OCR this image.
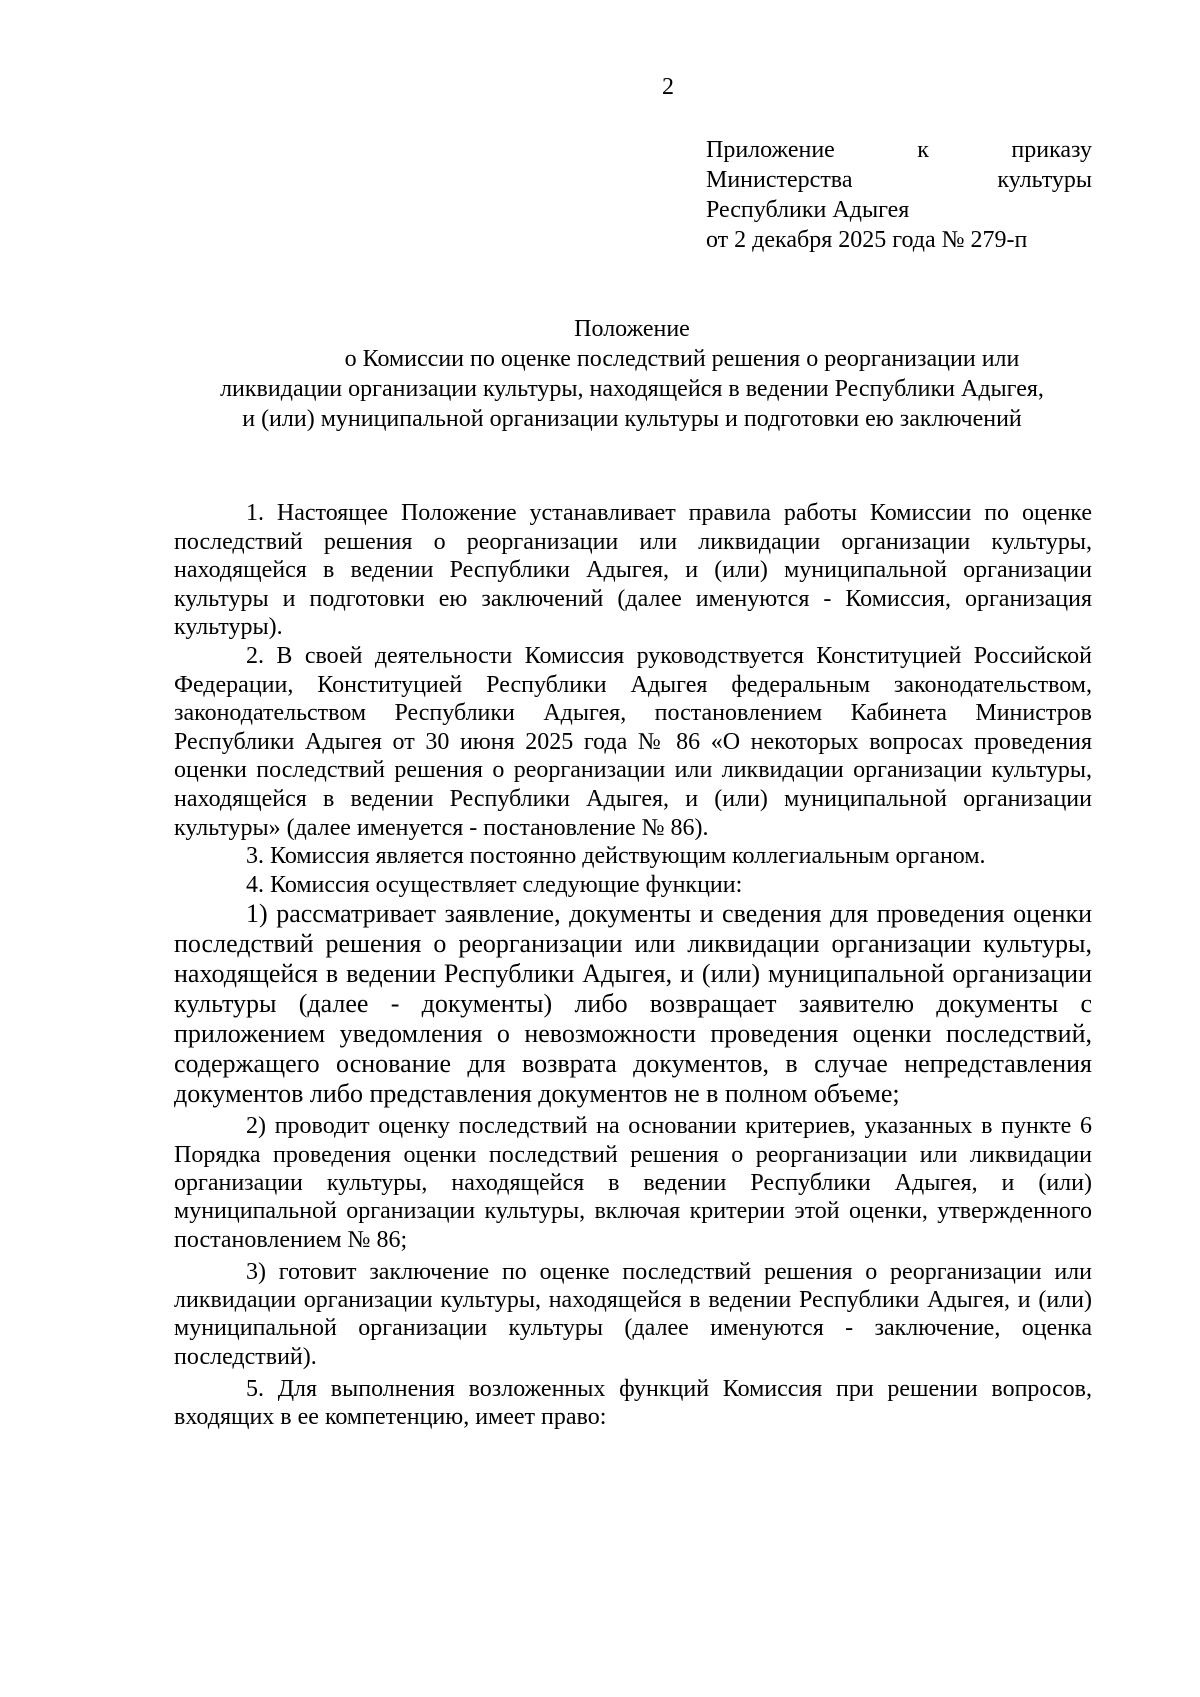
2
Приложение к приказу
Министерства культуры
Республики Адыгея
от 2 декабря 2025 года № 279-п
Положение
о Комиссии по оценке последствий решения о реорганизации или
ликвидации организации культуры, находящейся в ведении Республики Адыгея,
и (или) муниципальной организации культуры и подготовки ею заключений

1. Настоящее Положение устанавливает правила работы Комиссии по оценке последствий решения о реорганизации или ликвидации организации культуры, находящейся в ведении Республики Адыгея, и (или) муниципальной организации культуры и подготовки ею заключений (далее именуются - Комиссия, организация культуры).

2. В своей деятельности Комиссия руководствуется Конституцией Российской Федерации, Конституцией Республики Адыгея федеральным законодательством, законодательством Республики Адыгея, постановлением Кабинета Министров Республики Адыгея от 30 июня 2025 года № 86 «О некоторых вопросах проведения оценки последствий решения о реорганизации или ликвидации организации культуры, находящейся в ведении Республики Адыгея, и (или) муниципальной организации культуры» (далее именуется - постановление № 86).

3. Комиссия является постоянно действующим коллегиальным органом.

4. Комиссия осуществляет следующие функции:

1) рассматривает заявление, документы и сведения для проведения оценки последствий решения о реорганизации или ликвидации организации культуры, находящейся в ведении Республики Адыгея, и (или) муниципальной организации культуры (далее - документы) либо возвращает заявителю документы с приложением уведомления о невозможности проведения оценки последствий, содержащего основание для возврата документов, в случае непредставления документов либо представления документов не в полном объеме;

2) проводит оценку последствий на основании критериев, указанных в пункте 6 Порядка проведения оценки последствий решения о реорганизации или ликвидации организации культуры, находящейся в ведении Республики Адыгея, и (или) муниципальной организации культуры, включая критерии этой оценки, утвержденного постановлением № 86;

3) готовит заключение по оценке последствий решения о реорганизации или ликвидации организации культуры, находящейся в ведении Республики Адыгея, и (или) муниципальной организации культуры (далее именуются - заключение, оценка последствий).

5. Для выполнения возложенных функций Комиссия при решении вопросов, входящих в ее компетенцию, имеет право:
